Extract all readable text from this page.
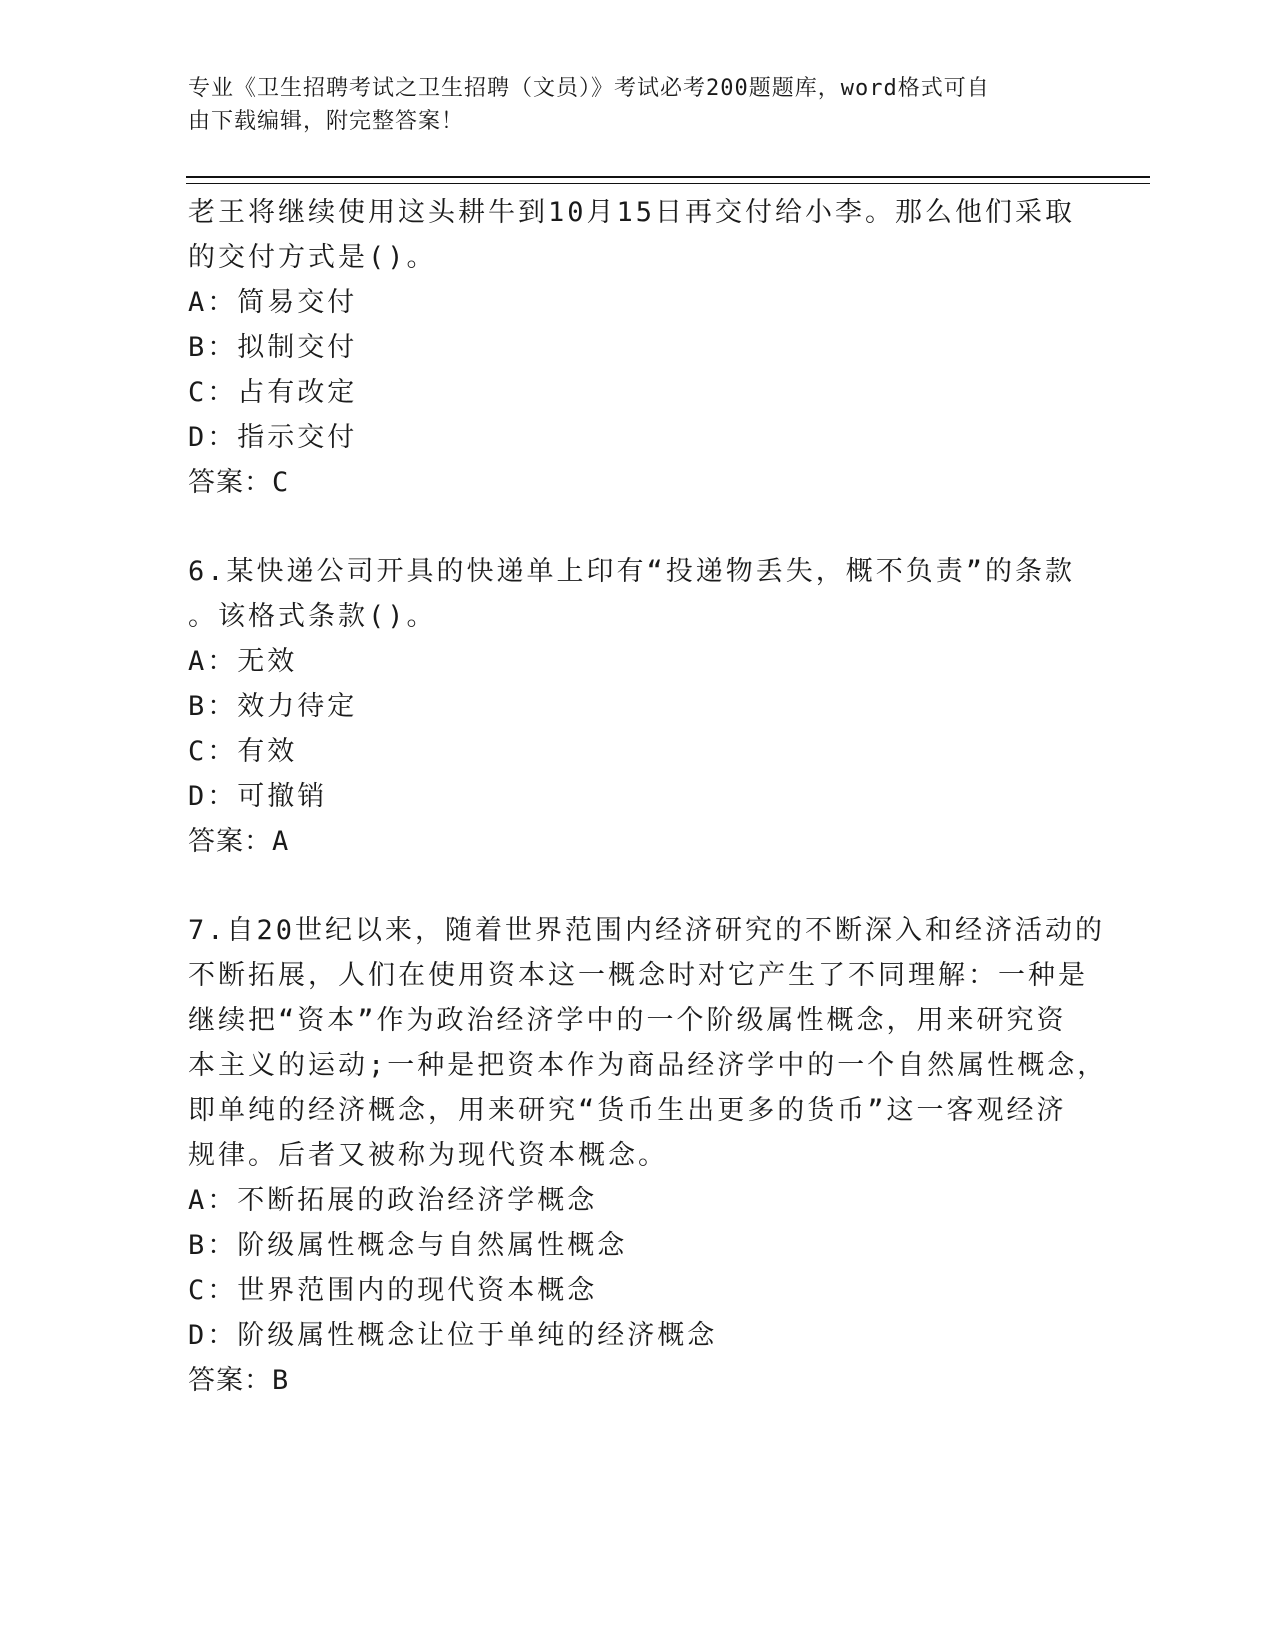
专业《卫生招聘考试之卫生招聘（文员）》考试必考200题题库，word格式可自
由下载编辑，附完整答案！
老王将继续使用这头耕牛到10月15日再交付给小李。那么他们采取
的交付方式是()。
A：简易交付
B：拟制交付
C：占有改定
D：指示交付
答案：C
6.某快递公司开具的快递单上印有“投递物丢失，概不负责”的条款
。该格式条款()。
A：无效
B：效力待定
C：有效
D：可撤销
答案：A
7.自20世纪以来，随着世界范围内经济研究的不断深入和经济活动的
不断拓展，人们在使用资本这一概念时对它产生了不同理解：一种是
继续把“资本”作为政治经济学中的一个阶级属性概念，用来研究资
本主义的运动;一种是把资本作为商品经济学中的一个自然属性概念，
即单纯的经济概念，用来研究“货币生出更多的货币”这一客观经济
规律。后者又被称为现代资本概念。
A：不断拓展的政治经济学概念
B：阶级属性概念与自然属性概念
C：世界范围内的现代资本概念
D：阶级属性概念让位于单纯的经济概念
答案：B
